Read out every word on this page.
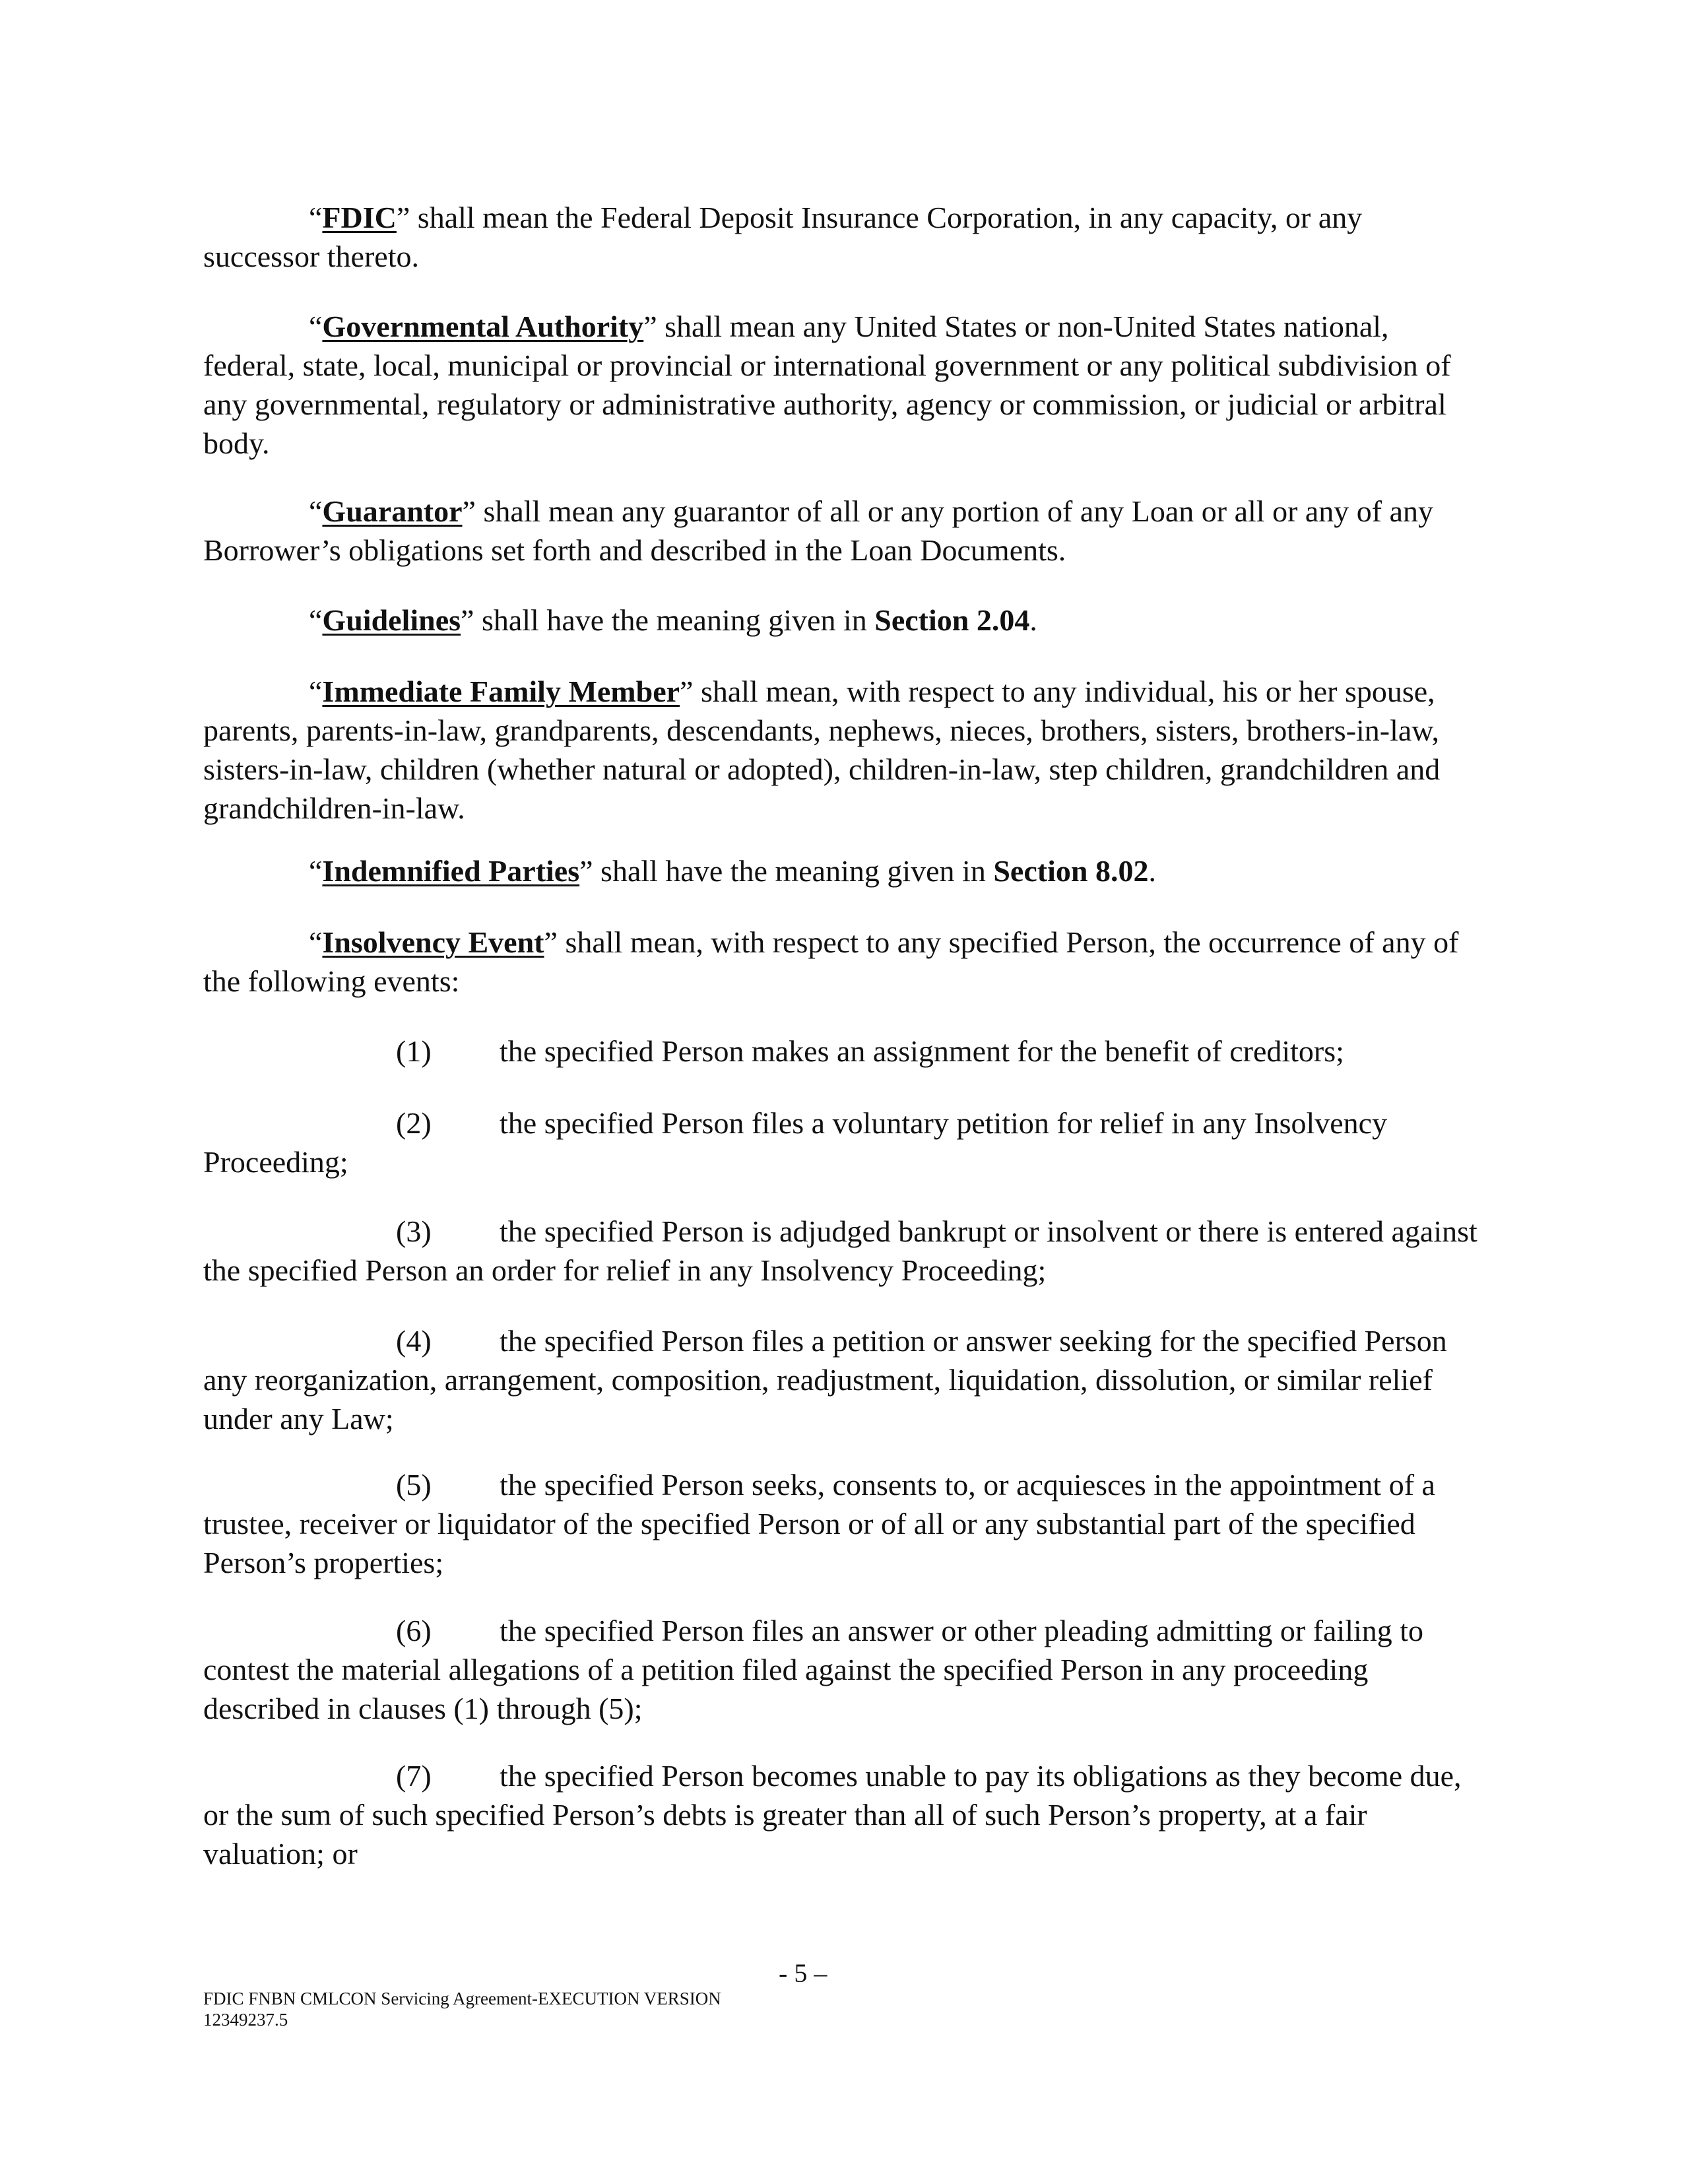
“FDIC” shall mean the Federal Deposit Insurance Corporation, in any capacity, or any successor thereto.

“Governmental Authority” shall mean any United States or non-United States national, federal, state, local, municipal or provincial or international government or any political subdivision of any governmental, regulatory or administrative authority, agency or commission, or judicial or arbitral body.

“Guarantor” shall mean any guarantor of all or any portion of any Loan or all or any of any Borrower’s obligations set forth and described in the Loan Documents.

“Guidelines” shall have the meaning given in Section 2.04.

“Immediate Family Member” shall mean, with respect to any individual, his or her spouse, parents, parents-in-law, grandparents, descendants, nephews, nieces, brothers, sisters, brothers-in-law, sisters-in-law, children (whether natural or adopted), children-in-law, step children, grandchildren and grandchildren-in-law.

“Indemnified Parties” shall have the meaning given in Section 8.02.

“Insolvency Event” shall mean, with respect to any specified Person, the occurrence of any of the following events:

(1) the specified Person makes an assignment for the benefit of creditors;
(2) the specified Person files a voluntary petition for relief in any Insolvency
Proceeding;

(3) the specified Person is adjudged bankrupt or insolvent or there is entered against the specified Person an order for relief in any Insolvency Proceeding;

(4) the specified Person files a petition or answer seeking for the specified Person any reorganization, arrangement, composition, readjustment, liquidation, dissolution, or similar relief under any Law;

(5) the specified Person seeks, consents to, or acquiesces in the appointment of a trustee, receiver or liquidator of the specified Person or of all or any substantial part of the specified Person’s properties;

(6) the specified Person files an answer or other pleading admitting or failing to contest the material allegations of a petition filed against the specified Person in any proceeding described in clauses (1) through (5);

(7) the specified Person becomes unable to pay its obligations as they become due, or the sum of such specified Person’s debts is greater than all of such Person’s property, at a fair valuation; or

- 5 –
FDIC FNBN CMLCON Servicing Agreement-EXECUTION VERSION
12349237.5
